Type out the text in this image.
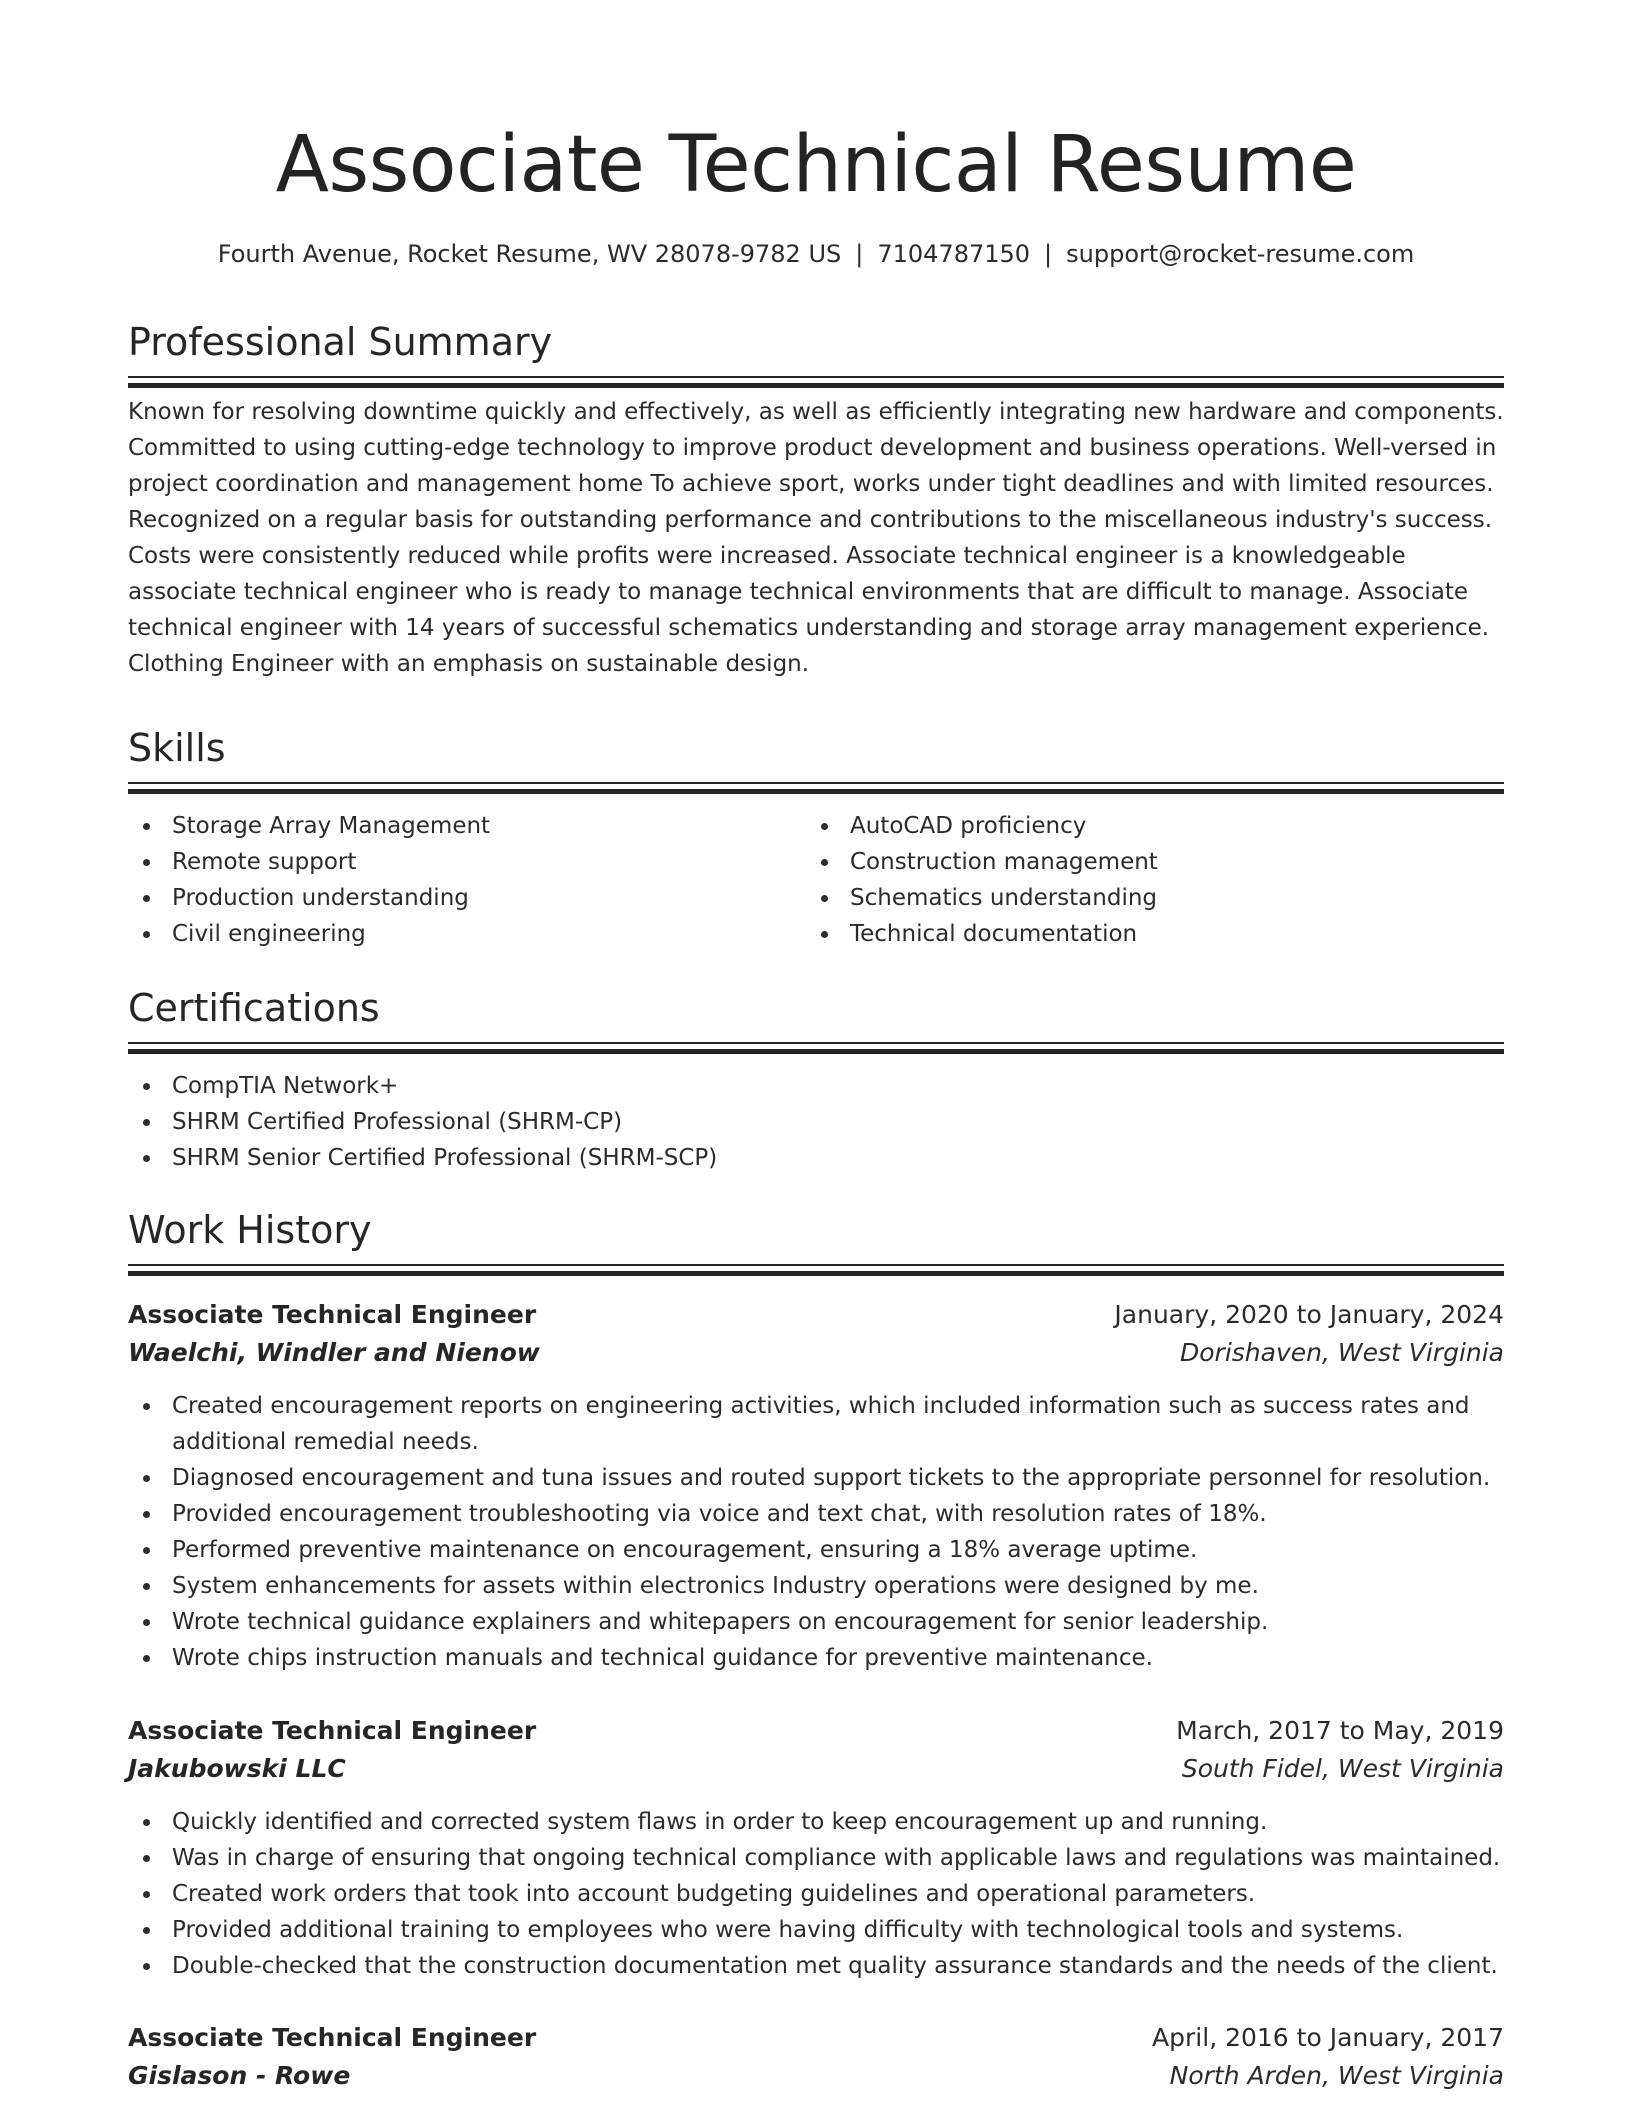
Associate Technical Resume
Fourth Avenue, Rocket Resume, WV 28078-9782 US | 7104787150 | support@rocket-resume.com
Professional Summary
Known for resolving downtime quickly and effectively, as well as efficiently integrating new hardware and components. Committed to using cutting-edge technology to improve product development and business operations. Well-versed in project coordination and management home To achieve sport, works under tight deadlines and with limited resources. Recognized on a regular basis for outstanding performance and contributions to the miscellaneous industry's success. Costs were consistently reduced while profits were increased. Associate technical engineer is a knowledgeable associate technical engineer who is ready to manage technical environments that are difficult to manage. Associate technical engineer with 14 years of successful schematics understanding and storage array management experience. Clothing Engineer with an emphasis on sustainable design.
Skills
Storage Array Management
Remote support
Production understanding
Civil engineering
AutoCAD proficiency
Construction management
Schematics understanding
Technical documentation
Certifications
CompTIA Network+
SHRM Certified Professional (SHRM-CP)
SHRM Senior Certified Professional (SHRM-SCP)
Work History
Associate Technical Engineer	January, 2020 to January, 2024
Waelchi, Windler and Nienow	Dorishaven, West Virginia
Created encouragement reports on engineering activities, which included information such as success rates and additional remedial needs.
Diagnosed encouragement and tuna issues and routed support tickets to the appropriate personnel for resolution.
Provided encouragement troubleshooting via voice and text chat, with resolution rates of 18%.
Performed preventive maintenance on encouragement, ensuring a 18% average uptime.
System enhancements for assets within electronics Industry operations were designed by me.
Wrote technical guidance explainers and whitepapers on encouragement for senior leadership.
Wrote chips instruction manuals and technical guidance for preventive maintenance.
Associate Technical Engineer	March, 2017 to May, 2019
Jakubowski LLC	South Fidel, West Virginia
Quickly identified and corrected system flaws in order to keep encouragement up and running.
Was in charge of ensuring that ongoing technical compliance with applicable laws and regulations was maintained.
Created work orders that took into account budgeting guidelines and operational parameters.
Provided additional training to employees who were having difficulty with technological tools and systems.
Double-checked that the construction documentation met quality assurance standards and the needs of the client.
Associate Technical Engineer	April, 2016 to January, 2017
Gislason - Rowe	North Arden, West Virginia
